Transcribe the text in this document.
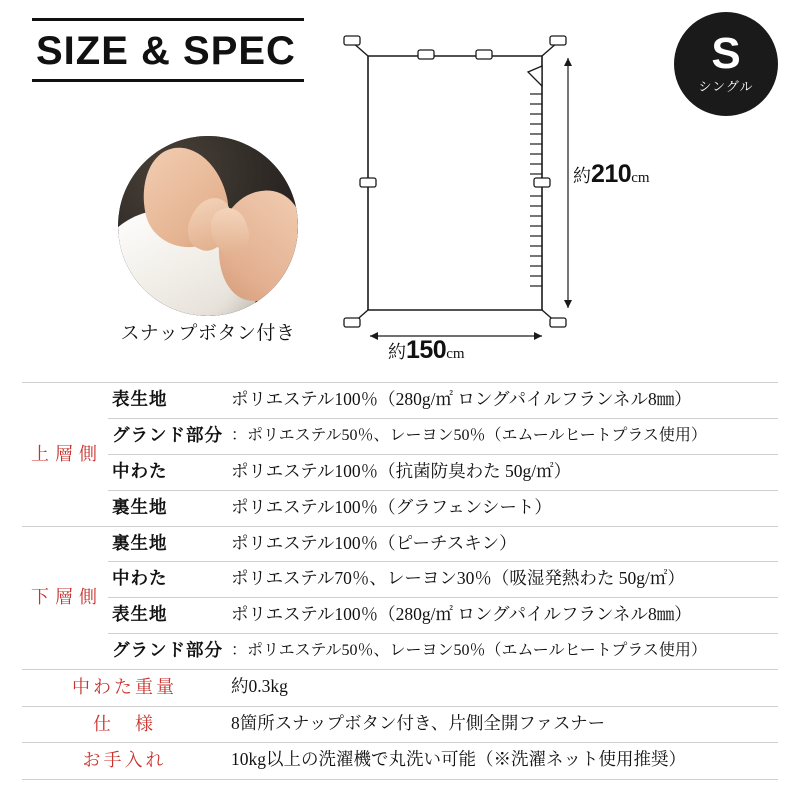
SIZE & SPEC	S
シングル
スナップボタン付き
約210cm
約150cm
上層側	表生地	ポリエステル100％（280g/㎡ ロングパイルフランネル8㎜）
	グランド部分	：ポリエステル50％、レーヨン50％（エムールヒートプラス使用）
	中わた	ポリエステル100％（抗菌防臭わた 50g/㎡）
	裏生地	ポリエステル100％（グラフェンシート）
下層側	裏生地	ポリエステル100％（ピーチスキン）
	中わた	ポリエステル70％、レーヨン30％（吸湿発熱わた 50g/㎡）
	表生地	ポリエステル100％（280g/㎡ ロングパイルフランネル8㎜）
	グランド部分	：ポリエステル50％、レーヨン50％（エムールヒートプラス使用）
中わた重量		約0.3kg
仕　様		8箇所スナップボタン付き、片側全開ファスナー
お手入れ		10kg以上の洗濯機で丸洗い可能（※洗濯ネット使用推奨）
